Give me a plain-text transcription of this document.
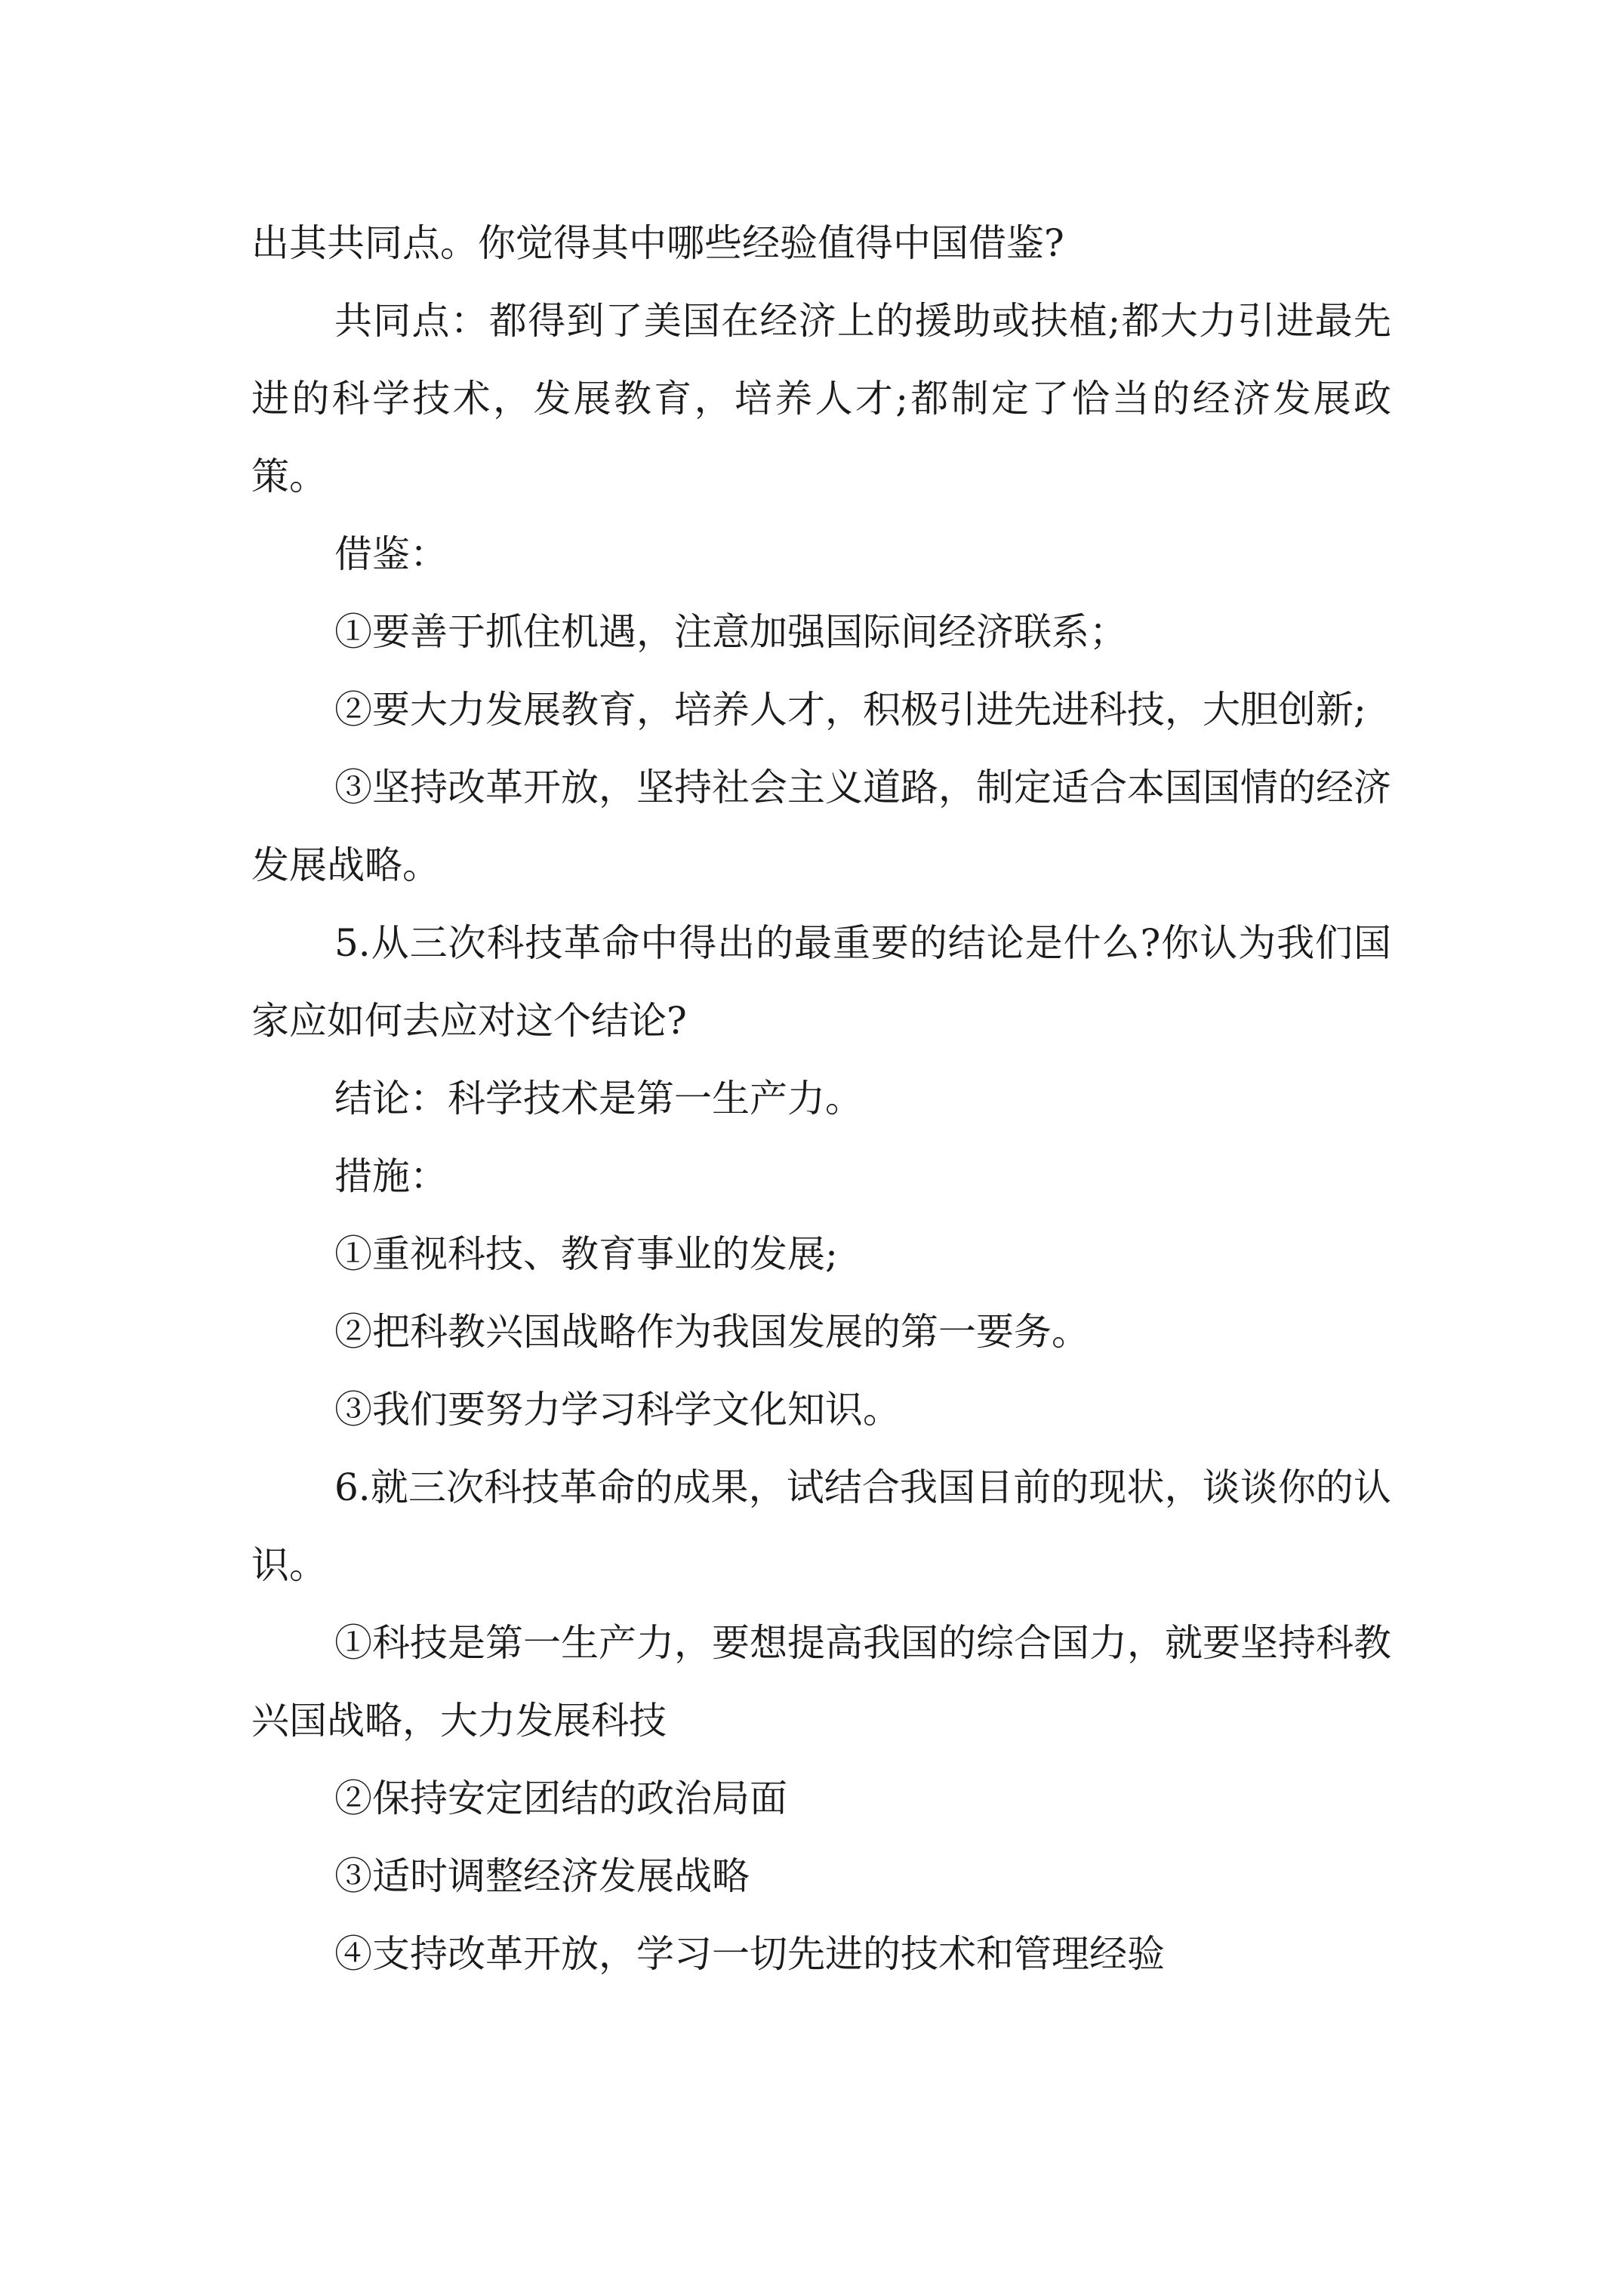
出其共同点。你觉得其中哪些经验值得中国借鉴?

共同点：都得到了美国在经济上的援助或扶植;都大力引进最先进的科学技术，发展教育，培养人才;都制定了恰当的经济发展政策。

借鉴：

①要善于抓住机遇，注意加强国际间经济联系；

②要大力发展教育，培养人才，积极引进先进科技，大胆创新;

③坚持改革开放，坚持社会主义道路，制定适合本国国情的经济发展战略。

5.从三次科技革命中得出的最重要的结论是什么?你认为我们国家应如何去应对这个结论?

结论：科学技术是第一生产力。

措施：

①重视科技、教育事业的发展;

②把科教兴国战略作为我国发展的第一要务。

③我们要努力学习科学文化知识。

6.就三次科技革命的成果，试结合我国目前的现状，谈谈你的认识。

①科技是第一生产力，要想提高我国的综合国力，就要坚持科教兴国战略，大力发展科技

②保持安定团结的政治局面

③适时调整经济发展战略

④支持改革开放，学习一切先进的技术和管理经验
